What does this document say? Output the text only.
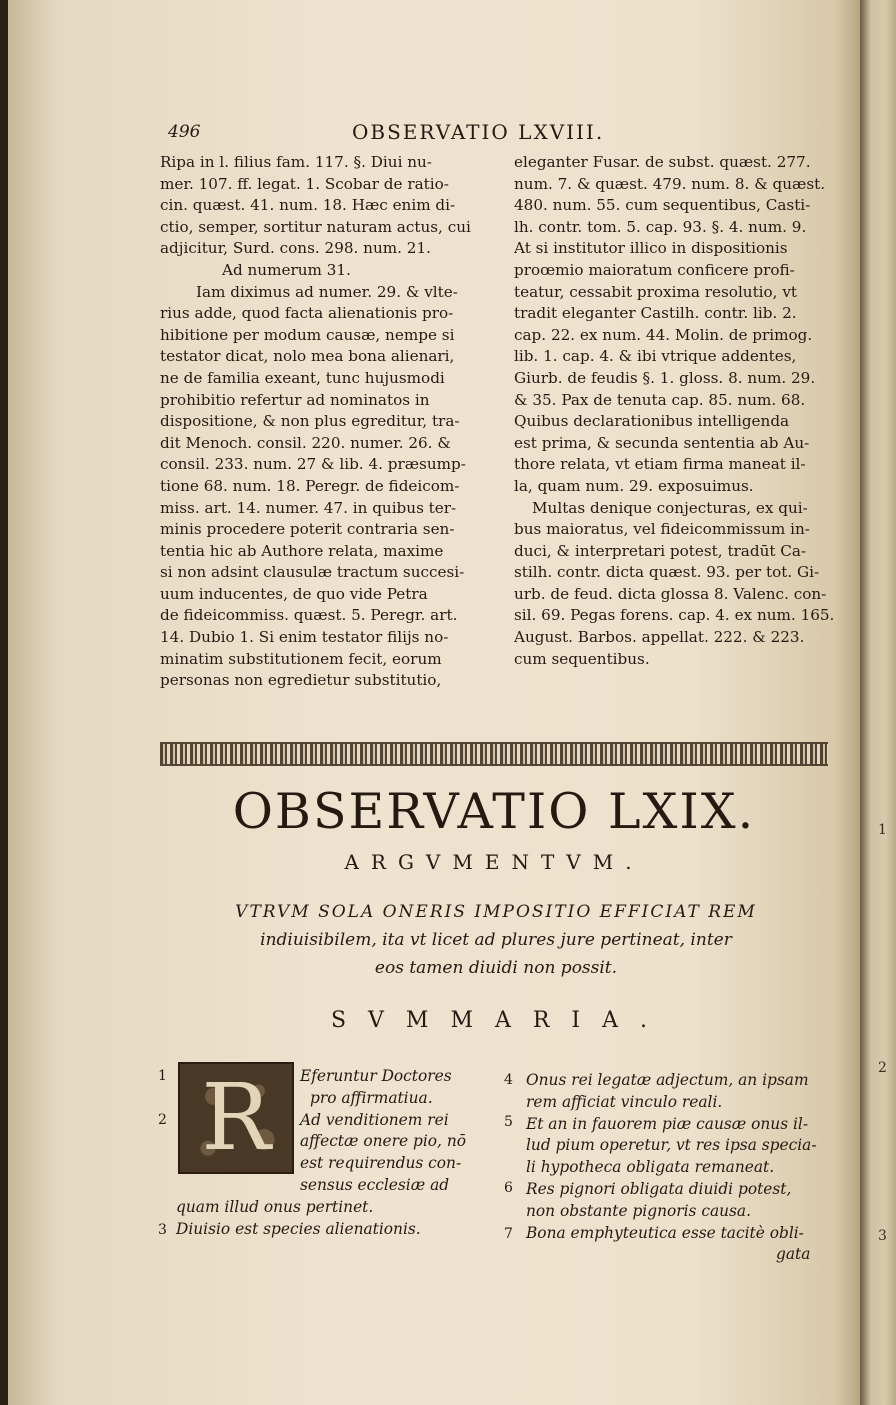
1
2
3
496	OBSERVATIO LXVIII.
Ripa in l. filius fam. 117. §. Diui nu-
mer. 107. ff. legat. 1. Scobar de ratio-
cin. quæst. 41. num. 18. Hæc enim di-
ctio, semper, sortitur naturam actus, cui
adjicitur, Surd. cons. 298. num. 21.
Ad numerum 31.
Iam diximus ad numer. 29. & vlte-
rius adde, quod facta alienationis pro-
hibitione per modum causæ, nempe si
testator dicat, nolo mea bona alienari,
ne de familia exeant, tunc hujusmodi
prohibitio refertur ad nominatos in
dispositione, & non plus egreditur, tra-
dit Menoch. consil. 220. numer. 26. &
consil. 233. num. 27 & lib. 4. præsump-
tione 68. num. 18. Peregr. de fideicom-
miss. art. 14. numer. 47. in quibus ter-
minis procedere poterit contraria sen-
tentia hic ab Authore relata, maxime
si non adsint clausulæ tractum succesi-
uum inducentes, de quo vide Petra
de fideicommiss. quæst. 5. Peregr. art.
14. Dubio 1. Si enim testator filijs no-
minatim substitutionem fecit, eorum
personas non egredietur substitutio,
eleganter Fusar. de subst. quæst. 277.
num. 7. & quæst. 479. num. 8. & quæst.
480. num. 55. cum sequentibus, Casti-
lh. contr. tom. 5. cap. 93. §. 4. num. 9.
At si institutor illico in dispositionis
proœmio maioratum conficere profi-
teatur, cessabit proxima resolutio, vt
tradit eleganter Castilh. contr. lib. 2.
cap. 22. ex num. 44. Molin. de primog.
lib. 1. cap. 4. & ibi vtrique addentes,
Giurb. de feudis §. 1. gloss. 8. num. 29.
& 35. Pax de tenuta cap. 85. num. 68.
Quibus declarationibus intelligenda
est prima, & secunda sententia ab Au-
thore relata, vt etiam firma maneat il-
la, quam num. 29. exposuimus.
Multas denique conjecturas, ex qui-
bus maioratus, vel fideicommissum in-
duci, & interpretari potest, tradūt Ca-
stilh. contr. dicta quæst. 93. per tot. Gi-
urb. de feud. dicta glossa 8. Valenc. con-
sil. 69. Pegas forens. cap. 4. ex num. 165.
August. Barbos. appellat. 222. & 223.
cum sequentibus.
OBSERVATIO LXIX.
ARGVMENTVM.
VTRVM SOLA ONERIS IMPOSITIO EFFICIAT REM
indiuisibilem, ita vt licet ad plures jure pertineat, inter
eos tamen diuidi non possit.
SVMMARIA.
R
1
2
3
Eferuntur Doctores
pro affirmatiua.
Ad venditionem rei
affectæ onere pio, nō
est requirendus con-
sensus ecclesiæ ad
quam illud onus pertinet.
Diuisio est species alienationis.
4
5
6
7
Onus rei legatæ adjectum, an ipsam
rem afficiat vinculo reali.
Et an in fauorem piæ causæ onus il-
lud pium operetur, vt res ipsa specia-
li hypotheca obligata remaneat.
Res pignori obligata diuidi potest,
non obstante pignoris causa.
Bona emphyteutica esse tacitè obli-
gata
